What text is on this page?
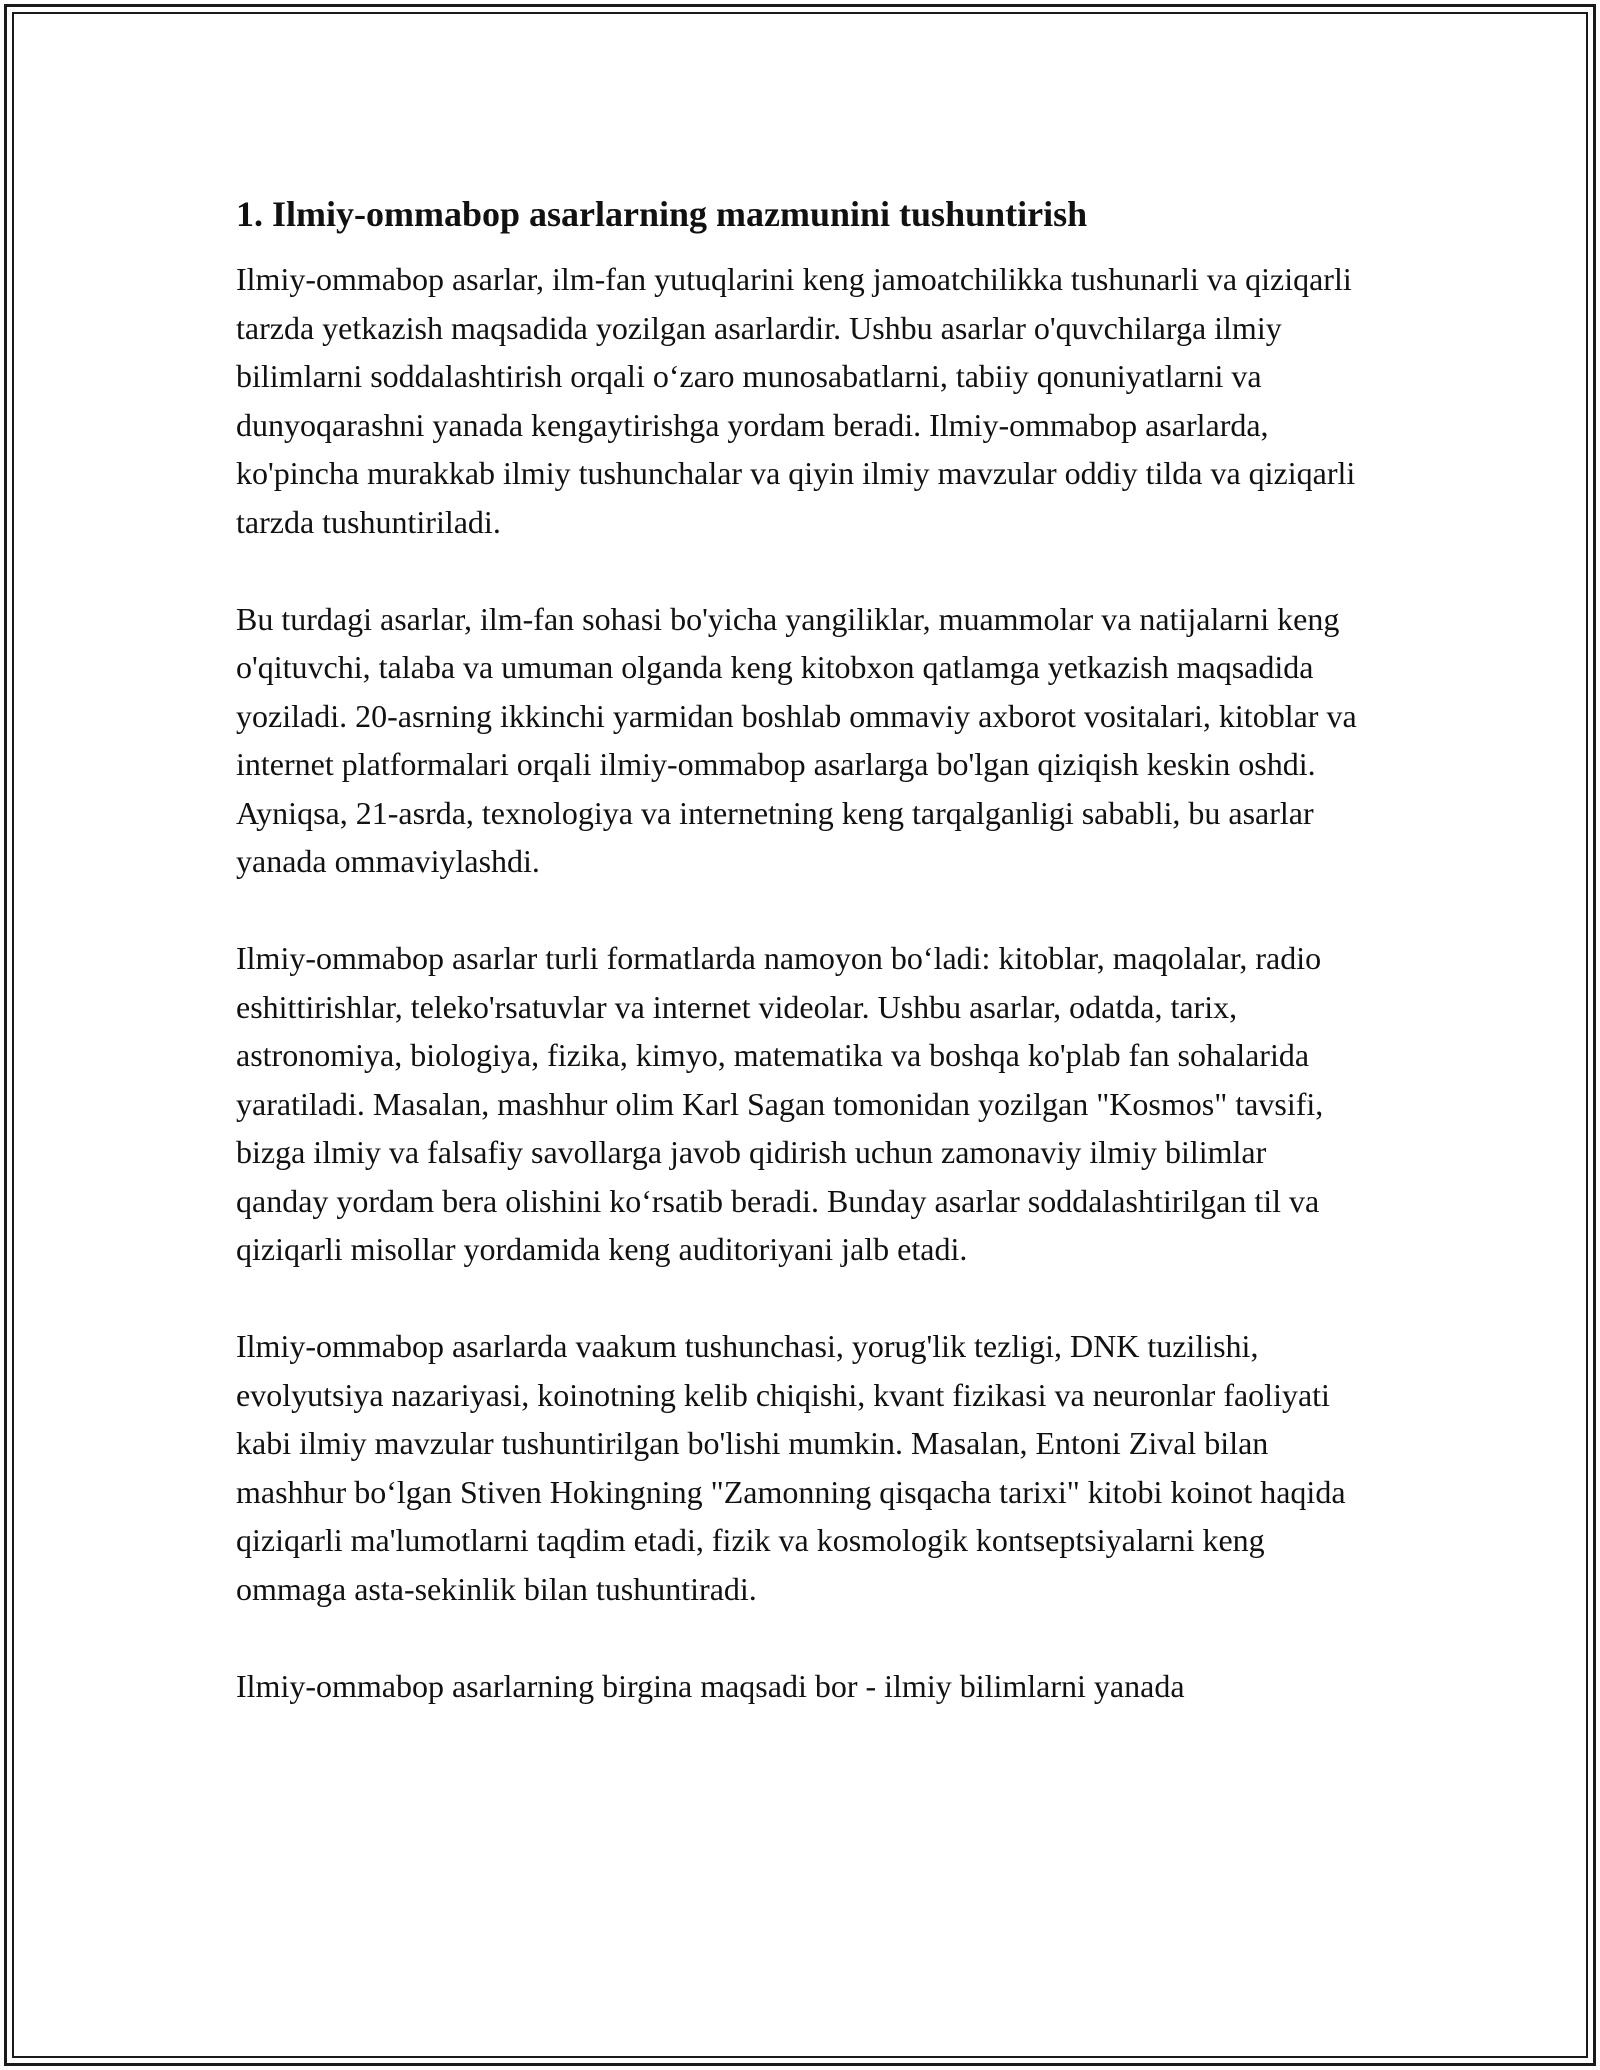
1. Ilmiy-ommabop asarlarning mazmunini tushuntirish

Ilmiy-ommabop asarlar, ilm-fan yutuqlarini keng jamoatchilikka tushunarli va qiziqarli tarzda yetkazish maqsadida yozilgan asarlardir. Ushbu asarlar o'quvchilarga ilmiy bilimlarni soddalashtirish orqali o‘zaro munosabatlarni, tabiiy qonuniyatlarni va dunyoqarashni yanada kengaytirishga yordam beradi. Ilmiy-ommabop asarlarda, ko'pincha murakkab ilmiy tushunchalar va qiyin ilmiy mavzular oddiy tilda va qiziqarli tarzda tushuntiriladi.

Bu turdagi asarlar, ilm-fan sohasi bo'yicha yangiliklar, muammolar va natijalarni keng o'qituvchi, talaba va umuman olganda keng kitobxon qatlamga yetkazish maqsadida yoziladi. 20-asrning ikkinchi yarmidan boshlab ommaviy axborot vositalari, kitoblar va internet platformalari orqali ilmiy-ommabop asarlarga bo'lgan qiziqish keskin oshdi. Ayniqsa, 21-asrda, texnologiya va internetning keng tarqalganligi sababli, bu asarlar yanada ommaviylashdi.

Ilmiy-ommabop asarlar turli formatlarda namoyon bo‘ladi: kitoblar, maqolalar, radio eshittirishlar, teleko'rsatuvlar va internet videolar. Ushbu asarlar, odatda, tarix, astronomiya, biologiya, fizika, kimyo, matematika va boshqa ko'plab fan sohalarida yaratiladi. Masalan, mashhur olim Karl Sagan tomonidan yozilgan "Kosmos" tavsifi, bizga ilmiy va falsafiy savollarga javob qidirish uchun zamonaviy ilmiy bilimlar qanday yordam bera olishini ko‘rsatib beradi. Bunday asarlar soddalashtirilgan til va qiziqarli misollar yordamida keng auditoriyani jalb etadi.

Ilmiy-ommabop asarlarda vaakum tushunchasi, yorug'lik tezligi, DNK tuzilishi, evolyutsiya nazariyasi, koinotning kelib chiqishi, kvant fizikasi va neuronlar faoliyati kabi ilmiy mavzular tushuntirilgan bo'lishi mumkin. Masalan, Entoni Zival bilan mashhur bo‘lgan Stiven Hokingning "Zamonning qisqacha tarixi" kitobi koinot haqida qiziqarli ma'lumotlarni taqdim etadi, fizik va kosmologik kontseptsiyalarni keng ommaga asta-sekinlik bilan tushuntiradi.

Ilmiy-ommabop asarlarning birgina maqsadi bor - ilmiy bilimlarni yanada
